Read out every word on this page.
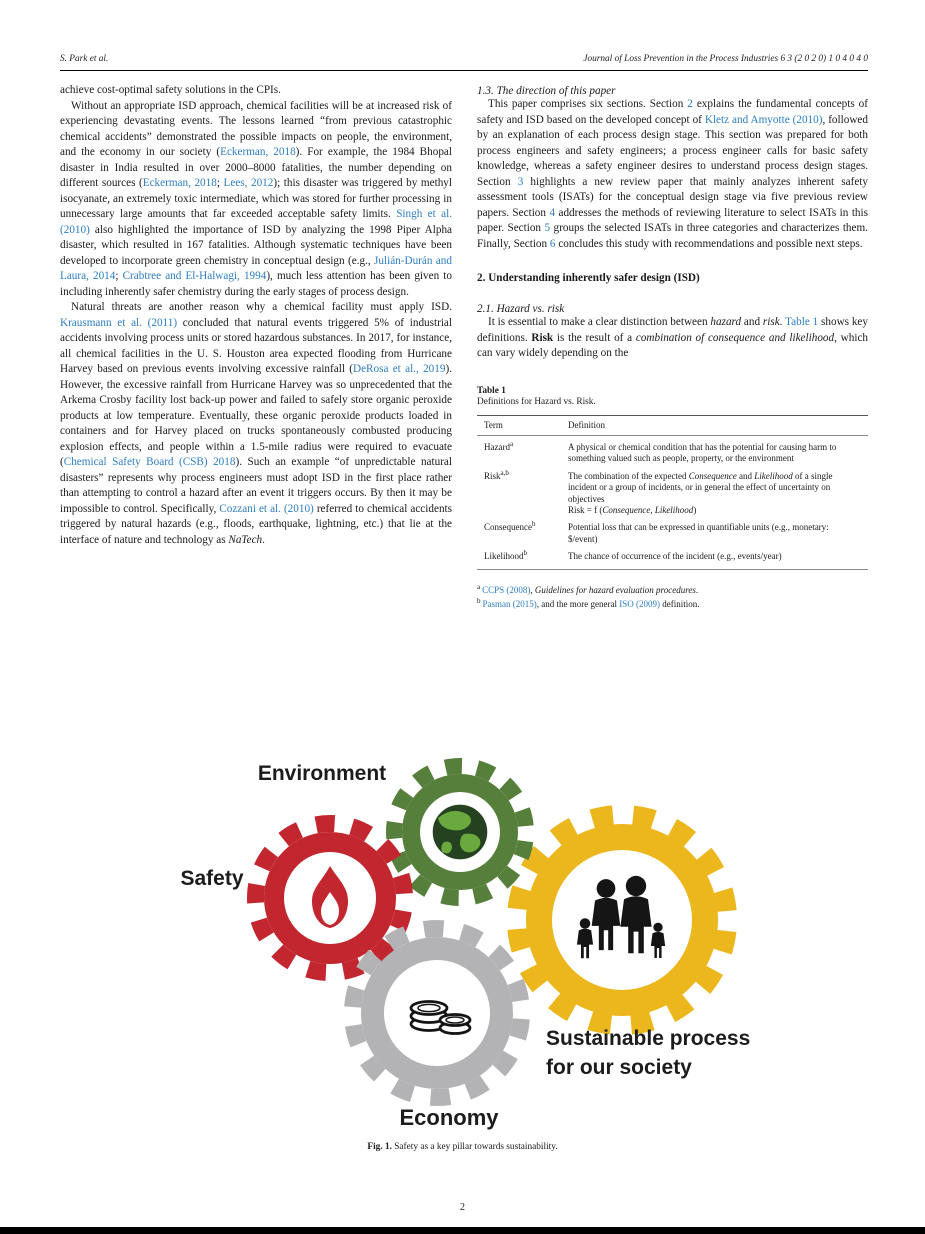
S. Park et al.	Journal of Loss Prevention in the Process Industries 6 3 (2 0 2 0) 1 0 4 0 4 0

achieve cost-optimal safety solutions in the CPIs.

Without an appropriate ISD approach, chemical facilities will be at increased risk of experiencing devastating events. The lessons learned “from previous catastrophic chemical accidents” demonstrated the possible impacts on people, the environment, and the economy in our society (Eckerman, 2018). For example, the 1984 Bhopal disaster in India resulted in over 2000–8000 fatalities, the number depending on different sources (Eckerman, 2018; Lees, 2012); this disaster was triggered by methyl isocyanate, an extremely toxic intermediate, which was stored for further processing in unnecessary large amounts that far exceeded acceptable safety limits. Singh et al. (2010) also highlighted the importance of ISD by analyzing the 1998 Piper Alpha disaster, which resulted in 167 fatalities. Although systematic techniques have been developed to incorporate green chemistry in conceptual design (e.g., Julián-Durán and Laura, 2014; Crabtree and El-Halwagi, 1994), much less attention has been given to including inherently safer chemistry during the early stages of process design.

Natural threats are another reason why a chemical facility must apply ISD. Krausmann et al. (2011) concluded that natural events triggered 5% of industrial accidents involving process units or stored hazardous substances. In 2017, for instance, all chemical facilities in the U. S. Houston area expected flooding from Hurricane Harvey based on previous events involving excessive rainfall (DeRosa et al., 2019). However, the excessive rainfall from Hurricane Harvey was so unprecedented that the Arkema Crosby facility lost back-up power and failed to safely store organic peroxide products at low temperature. Eventually, these organic peroxide products loaded in containers and for Harvey placed on trucks spontaneously combusted producing explosion effects, and people within a 1.5-mile radius were required to evacuate (Chemical Safety Board (CSB) 2018). Such an example “of unpredictable natural disasters” represents why process engineers must adopt ISD in the first place rather than attempting to control a hazard after an event it triggers occurs. By then it may be impossible to control. Specifically, Cozzani et al. (2010) referred to chemical accidents triggered by natural hazards (e.g., floods, earthquake, lightning, etc.) that lie at the interface of nature and technology as NaTech.

1.3. The direction of this paper

This paper comprises six sections. Section 2 explains the fundamental concepts of safety and ISD based on the developed concept of Kletz and Amyotte (2010), followed by an explanation of each process design stage. This section was prepared for both process engineers and safety engineers; a process engineer calls for basic safety knowledge, whereas a safety engineer desires to understand process design stages. Section 3 highlights a new review paper that mainly analyzes inherent safety assessment tools (ISATs) for the conceptual design stage via five previous review papers. Section 4 addresses the methods of reviewing literature to select ISATs in this paper. Section 5 groups the selected ISATs in three categories and characterizes them. Finally, Section 6 concludes this study with recommendations and possible next steps.

2. Understanding inherently safer design (ISD)
2.1. Hazard vs. risk

It is essential to make a clear distinction between hazard and risk. Table 1 shows key definitions. Risk is the result of a combination of consequence and likelihood, which can vary widely depending on the

Table 1
Definitions for Hazard vs. Risk.
Term	Definition
Hazard$^a$	A physical or chemical condition that has the potential for causing harm to something valued such as people, property, or the environment
Risk$^{a,b}$	The combination of the expected Consequence and Likelihood of a single incident or a group of incidents, or in general the effect of uncertainty on objectives
Risk = f (Consequence, Likelihood)
Consequence$^b$	Potential loss that can be expressed in quantifiable units (e.g., monetary: $/event)
Likelihood$^b$	The chance of occurrence of the incident (e.g., events/year)
$^a$ CCPS (2008), Guidelines for hazard evaluation procedures.
$^b$ Pasman (2015), and the more general ISO (2009) definition.
Environment
Safety
Economy
Sustainable process
for our society
Fig. 1. Safety as a key pillar towards sustainability.
2
